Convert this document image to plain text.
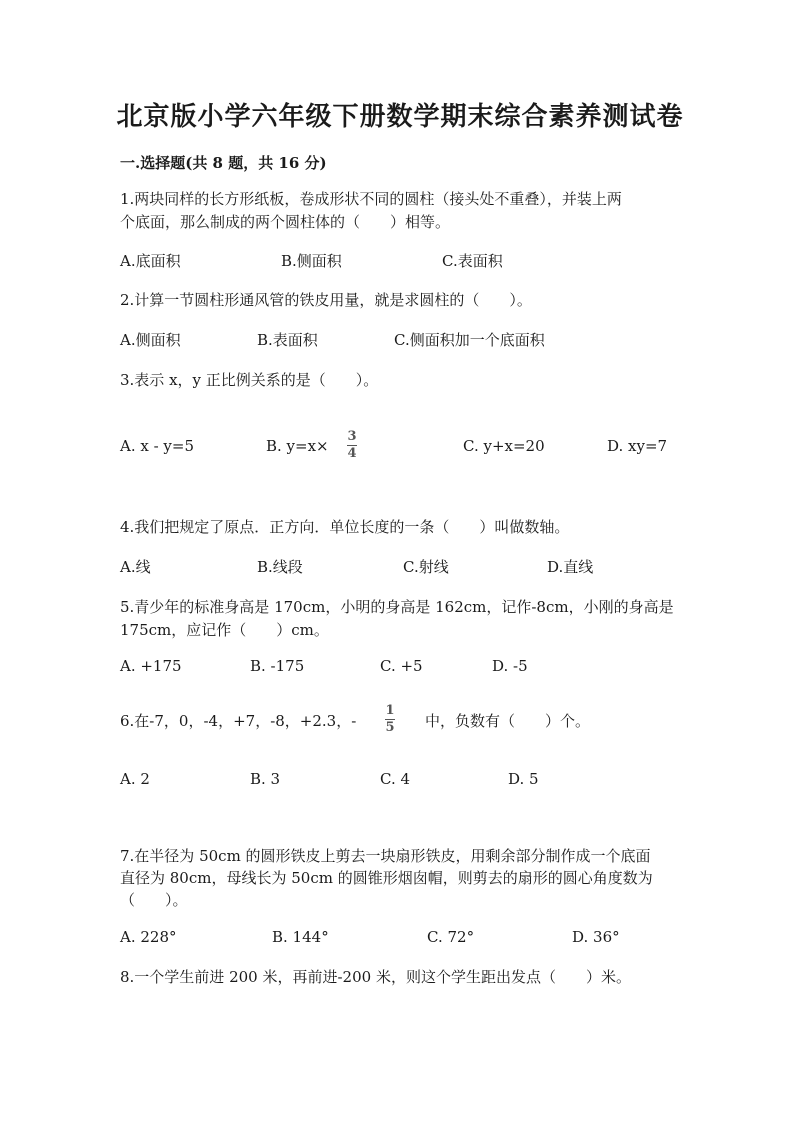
北京版小学六年级下册数学期末综合素养测试卷
一.选择题(共 8 题，共 16 分)
1.两块同样的长方形纸板，卷成形状不同的圆柱（接头处不重叠），并装上两
个底面，那么制成的两个圆柱体的（　　）相等。
A.底面积	B.侧面积	C.表面积
2.计算一节圆柱形通风管的铁皮用量，就是求圆柱的（　　）。
A.侧面积	B.表面积	C.侧面积加一个底面积
3.表示 x，y 正比例关系的是（　　）。
A. x - y=5	B. y=x×
3
4	C. y+x=20	D. xy=7
4.我们把规定了原点．正方向．单位长度的一条（　　）叫做数轴。
A.线	B.线段	C.射线	D.直线
5.青少年的标准身高是 170cm，小明的身高是 162cm，记作-8cm，小刚的身高是
175cm，应记作（　　）cm。
A. +175	B. -175	C. +5	D. -5
6.在-7，0，-4，+7，-8，+2.3，-
1
5 中，负数有（　　）个。
A. 2	B. 3	C. 4	D. 5
7.在半径为 50cm 的圆形铁皮上剪去一块扇形铁皮，用剩余部分制作成一个底面
直径为 80cm，母线长为 50cm 的圆锥形烟囱帽，则剪去的扇形的圆心角度数为
（　　）。
A. 228°	B. 144°	C. 72°	D. 36°
8.一个学生前进 200 米，再前进-200 米，则这个学生距出发点（　　）米。
